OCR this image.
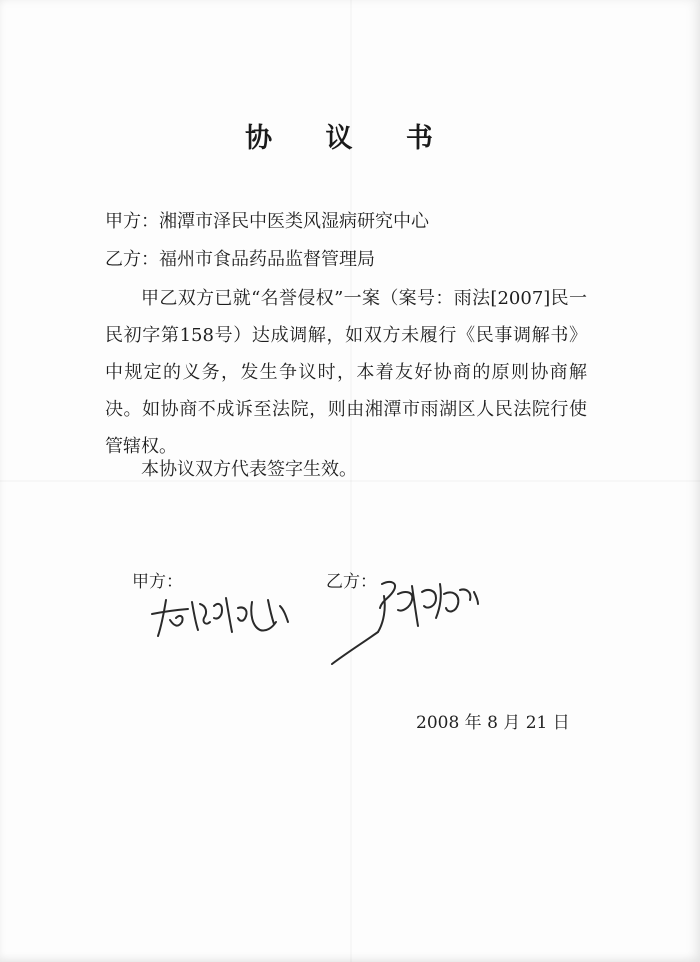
协 议 书

甲方：湘潭市泽民中医类风湿病研究中心

乙方：福州市食品药品监督管理局

甲乙双方已就“名誉侵权”一案（案号：雨法[2007]民一民初字第158号）达成调解，如双方未履行《民事调解书》中规定的义务，发生争议时，本着友好协商的原则协商解决。如协商不成诉至法院，则由湘潭市雨湖区人民法院行使管辖权。

本协议双方代表签字生效。

甲方：	乙方：

2008 年 8 月 21 日
